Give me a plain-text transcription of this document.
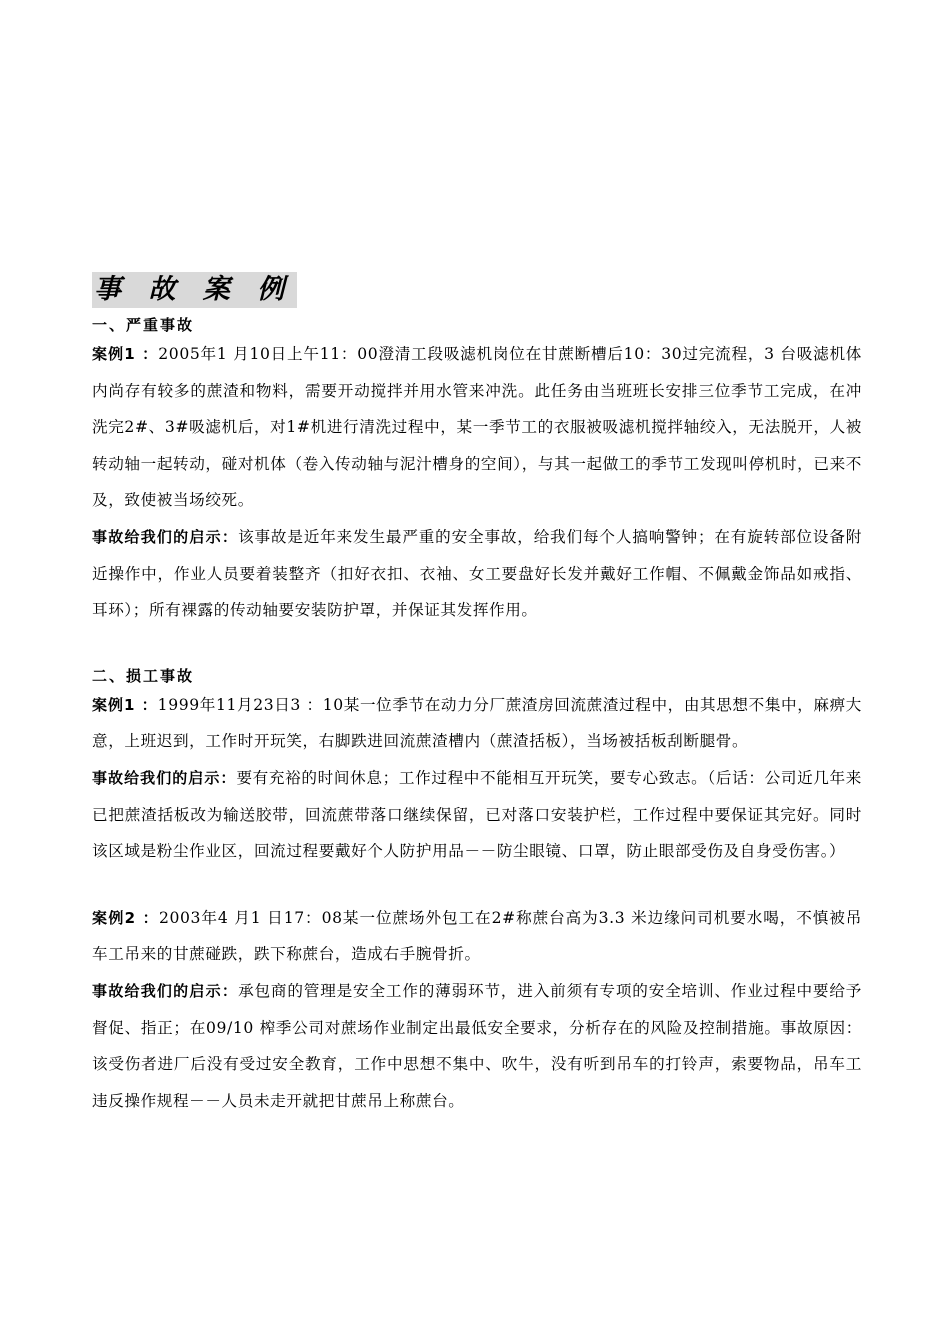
事 故 案 例
一、严重事故

案例1 ：2005年1 月10日上午11：00澄清工段吸滤机岗位在甘蔗断槽后10：30过完流程，3 台吸滤机体内尚存有较多的蔗渣和物料，需要开动搅拌并用水管来冲洗。此任务由当班班长安排三位季节工完成，在冲洗完2#、3#吸滤机后，对1#机进行清洗过程中，某一季节工的衣服被吸滤机搅拌轴绞入，无法脱开，人被转动轴一起转动，碰对机体（卷入传动轴与泥汁槽身的空间），与其一起做工的季节工发现叫停机时，已来不及，致使被当场绞死。

事故给我们的启示：该事故是近年来发生最严重的安全事故，给我们每个人搞响警钟；在有旋转部位设备附近操作中，作业人员要着装整齐（扣好衣扣、衣袖、女工要盘好长发并戴好工作帽、不佩戴金饰品如戒指、耳环）；所有裸露的传动轴要安装防护罩，并保证其发挥作用。

二、损工事故

案例1 ：1999年11月23日3 ：10某一位季节在动力分厂蔗渣房回流蔗渣过程中，由其思想不集中，麻痹大意，上班迟到，工作时开玩笑，右脚跌进回流蔗渣槽内（蔗渣括板），当场被括板刮断腿骨。

事故给我们的启示：要有充裕的时间休息；工作过程中不能相互开玩笑，要专心致志。（后话：公司近几年来已把蔗渣括板改为输送胶带，回流蔗带落口继续保留，已对落口安装护栏，工作过程中要保证其完好。同时该区域是粉尘作业区，回流过程要戴好个人防护用品－－防尘眼镜、口罩，防止眼部受伤及自身受伤害。）

案例2 ：2003年4 月1 日17：08某一位蔗场外包工在2#称蔗台高为3.3 米边缘问司机要水喝，不慎被吊车工吊来的甘蔗碰跌，跌下称蔗台，造成右手腕骨折。

事故给我们的启示：承包商的管理是安全工作的薄弱环节，进入前须有专项的安全培训、作业过程中要给予督促、指正；在09/10 榨季公司对蔗场作业制定出最低安全要求，分析存在的风险及控制措施。事故原因：该受伤者进厂后没有受过安全教育，工作中思想不集中、吹牛，没有听到吊车的打铃声，索要物品，吊车工违反操作规程－－人员未走开就把甘蔗吊上称蔗台。
